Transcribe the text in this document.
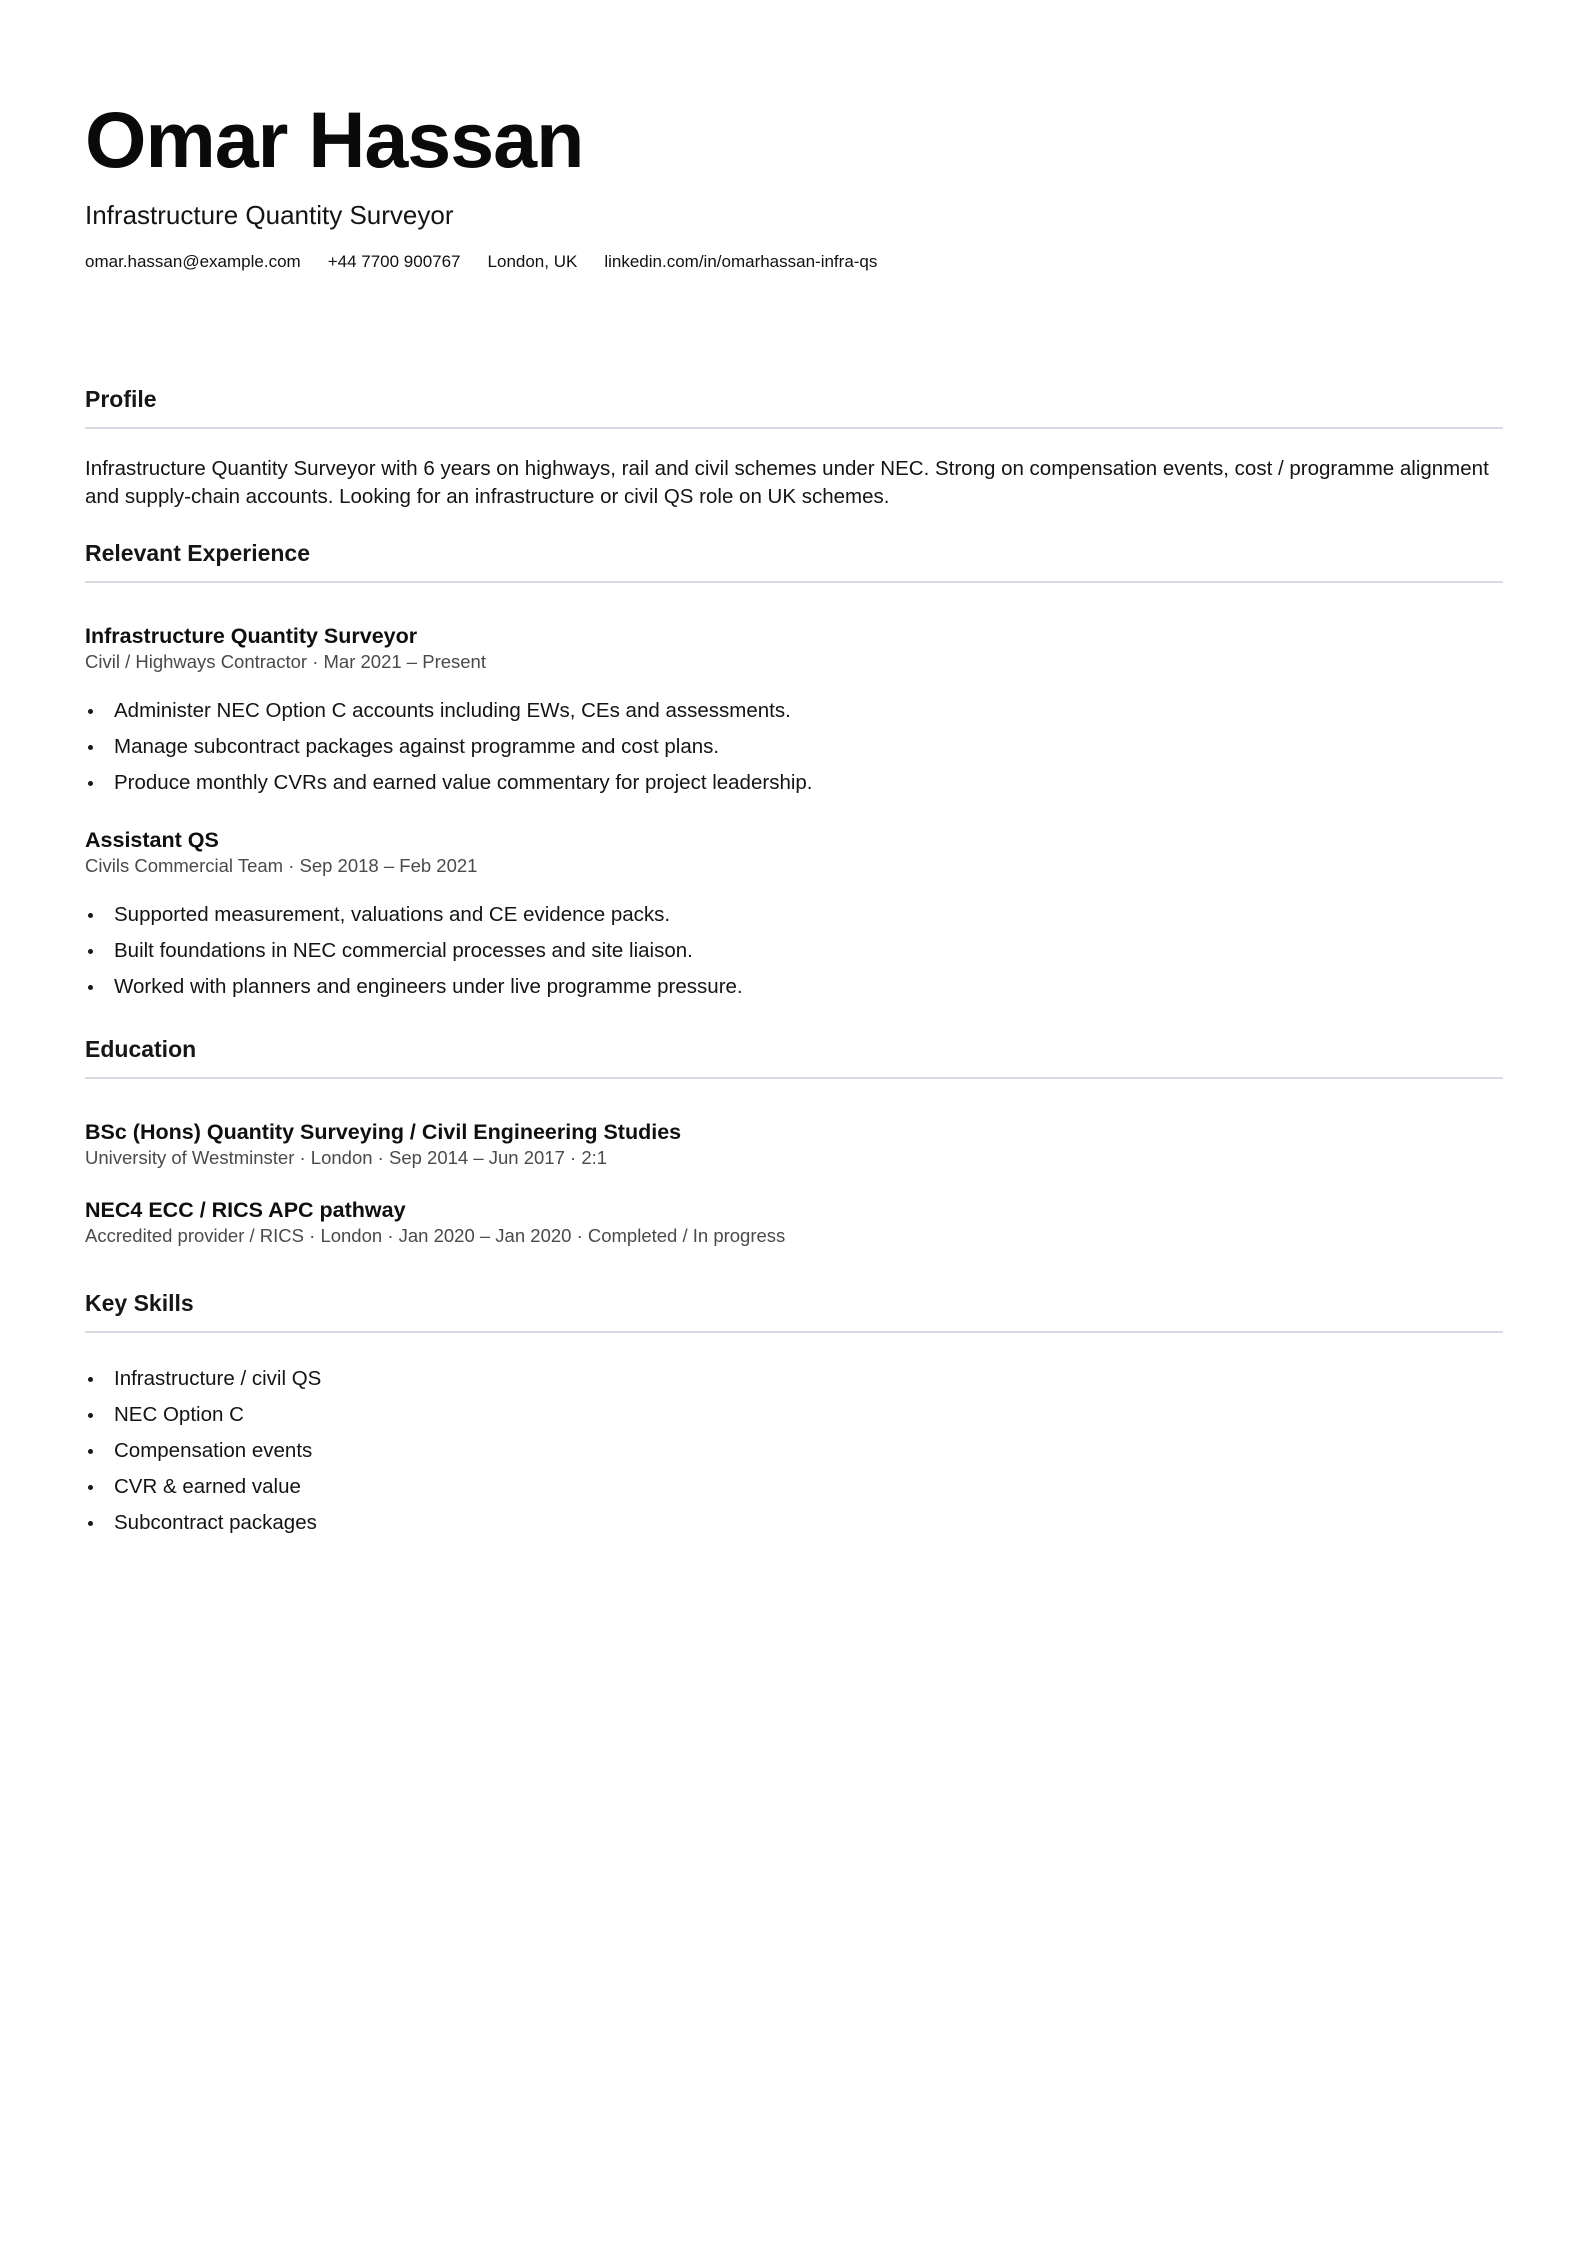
Omar Hassan
Infrastructure Quantity Surveyor
omar.hassan@example.com +44 7700 900767 London, UK linkedin.com/in/omarhassan-infra-qs
Profile
Infrastructure Quantity Surveyor with 6 years on highways, rail and civil schemes under NEC. Strong on compensation events, cost / programme alignment and supply-chain accounts. Looking for an infrastructure or civil QS role on UK schemes.
Relevant Experience
Infrastructure Quantity Surveyor
Civil / Highways Contractor · Mar 2021 – Present
Administer NEC Option C accounts including EWs, CEs and assessments.
Manage subcontract packages against programme and cost plans.
Produce monthly CVRs and earned value commentary for project leadership.
Assistant QS
Civils Commercial Team · Sep 2018 – Feb 2021
Supported measurement, valuations and CE evidence packs.
Built foundations in NEC commercial processes and site liaison.
Worked with planners and engineers under live programme pressure.
Education
BSc (Hons) Quantity Surveying / Civil Engineering Studies
University of Westminster · London · Sep 2014 – Jun 2017 · 2:1
NEC4 ECC / RICS APC pathway
Accredited provider / RICS · London · Jan 2020 – Jan 2020 · Completed / In progress
Key Skills
Infrastructure / civil QS
NEC Option C
Compensation events
CVR & earned value
Subcontract packages
